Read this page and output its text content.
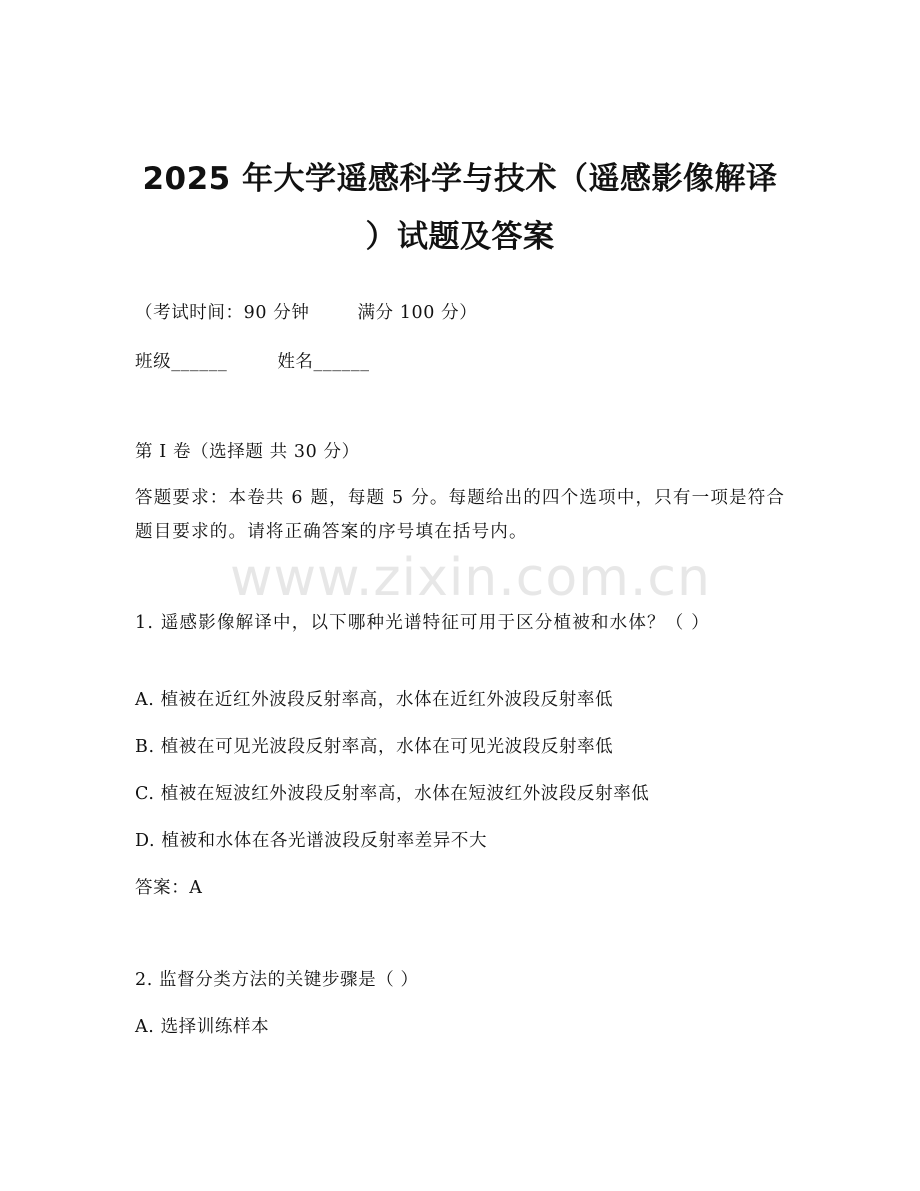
www.zixin.com.cn
2025 年大学遥感科学与技术（遥感影像解译
）试题及答案
（考试时间：90 分钟	满分 100 分）
班级______	姓名______
第 I 卷（选择题 共 30 分）
答题要求：本卷共 6 题，每题 5 分。每题给出的四个选项中，只有一项是符合题目要求的。请将正确答案的序号填在括号内。
1. 遥感影像解译中，以下哪种光谱特征可用于区分植被和水体？（ ）
A. 植被在近红外波段反射率高，水体在近红外波段反射率低
B. 植被在可见光波段反射率高，水体在可见光波段反射率低
C. 植被在短波红外波段反射率高，水体在短波红外波段反射率低
D. 植被和水体在各光谱波段反射率差异不大
答案：A
2. 监督分类方法的关键步骤是（ ）
A. 选择训练样本
